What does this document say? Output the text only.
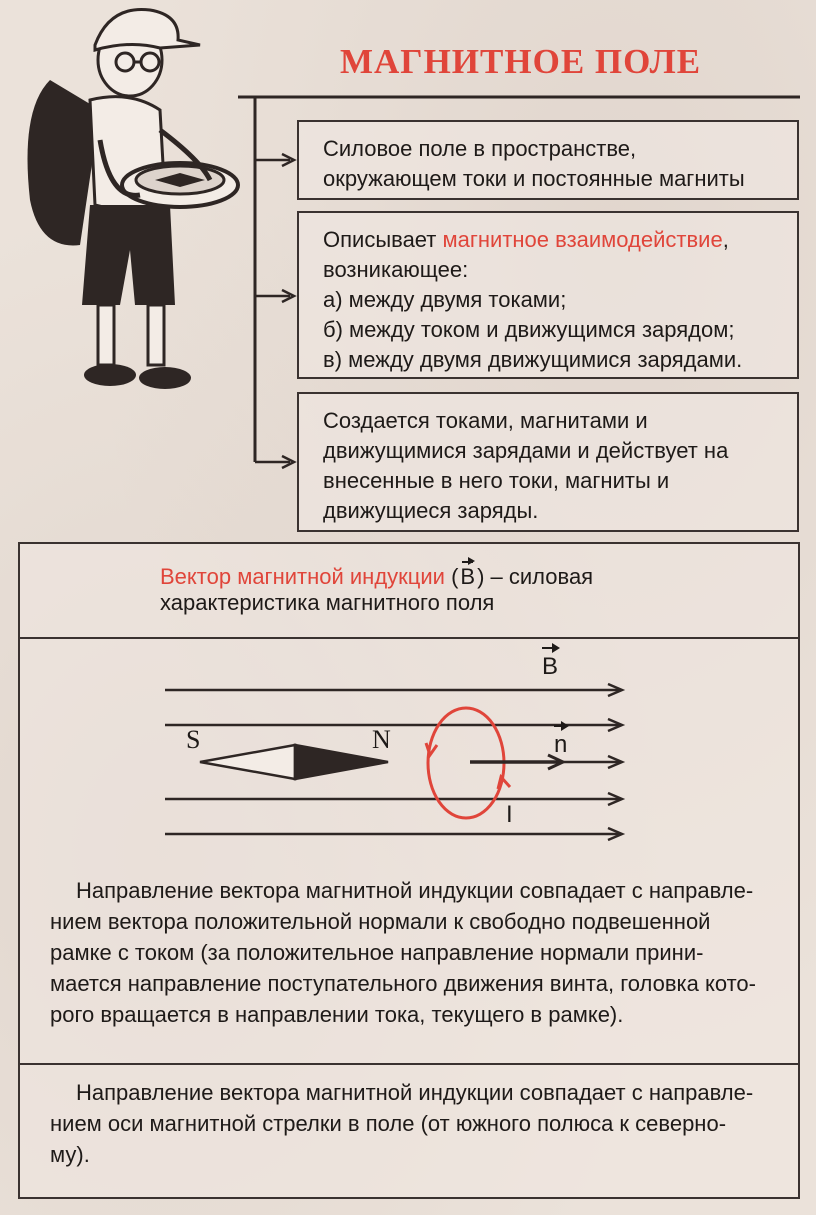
МАГНИТНОЕ ПОЛЕ
Силовое поле в пространстве,
окружающем токи и постоянные магниты
Описывает магнитное взаимодействие,
возникающее:
а) между двумя токами;
б) между током и движущимся зарядом;
в) между двумя движущимися зарядами.
Создается токами, магнитами и
движущимися зарядами и действует на
внесенные в него токи, магниты и
движущиеся заряды.
Вектор магнитной индукции (B) – силовая
характеристика магнитного поля
B
S	N	n
I
Направление вектора магнитной индукции совпадает с направле-
нием вектора положительной нормали к свободно подвешенной
рамке с током (за положительное направление нормали прини-
мается направление поступательного движения винта, головка кото-
рого вращается в направлении тока, текущего в рамке).
Направление вектора магнитной индукции совпадает с направле-
нием оси магнитной стрелки в поле (от южного полюса к северно-
му).
